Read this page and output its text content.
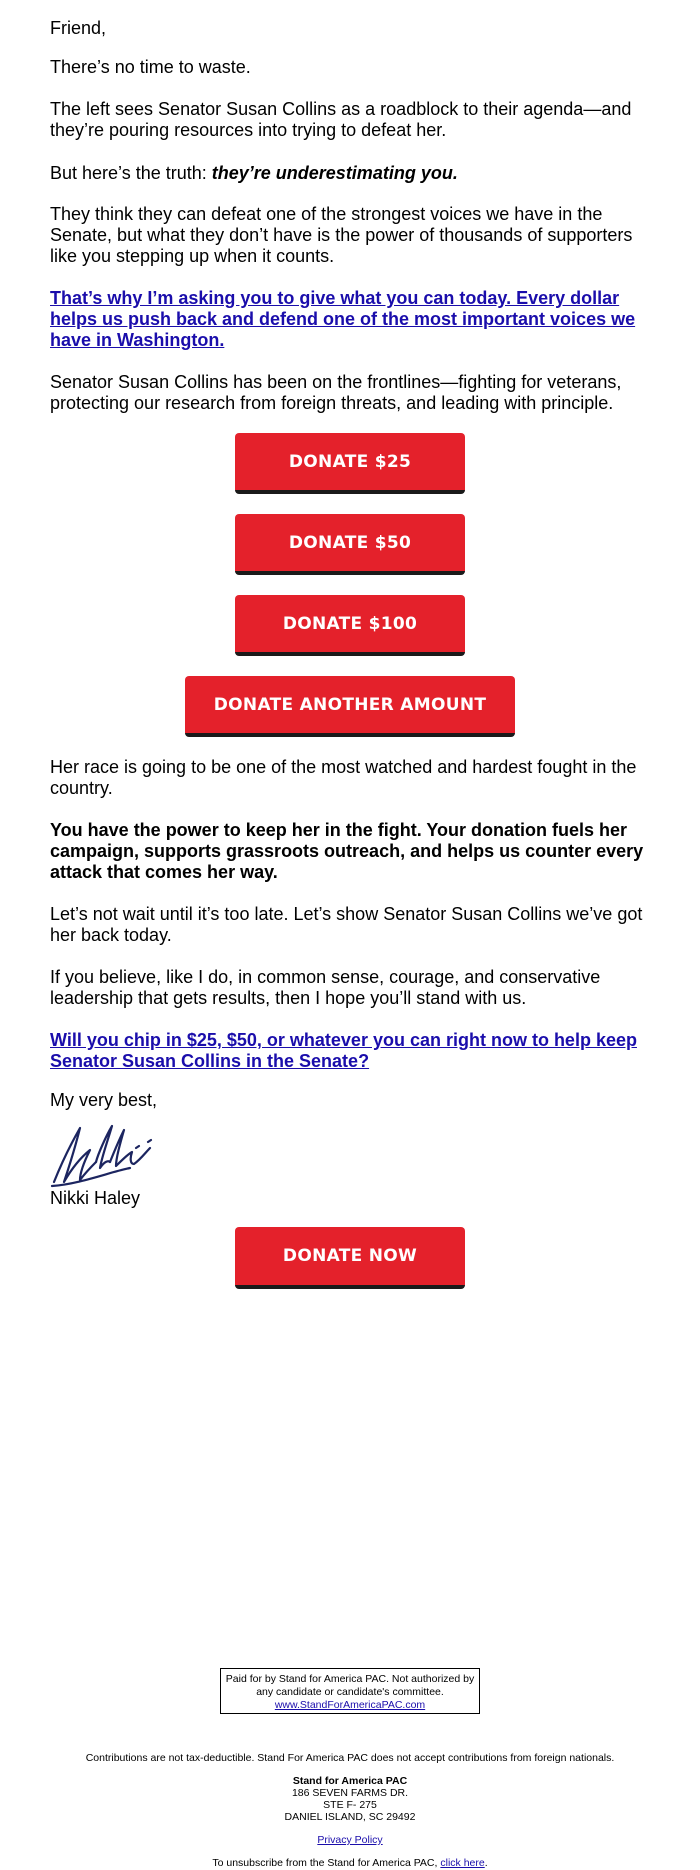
Friend,

There’s no time to waste.

The left sees Senator Susan Collins as a roadblock to their agenda—and they’re pouring resources into trying to defeat her.

But here’s the truth: they’re underestimating you.

They think they can defeat one of the strongest voices we have in the Senate, but what they don’t have is the power of thousands of supporters like you stepping up when it counts.

That’s why I’m asking you to give what you can today. Every dollar helps us push back and defend one of the most important voices we have in Washington.

Senator Susan Collins has been on the frontlines—fighting for veterans, protecting our research from foreign threats, and leading with principle.

DONATE $25
DONATE $50
DONATE $100
DONATE ANOTHER AMOUNT

Her race is going to be one of the most watched and hardest fought in the country.

You have the power to keep her in the fight. Your donation fuels her campaign, supports grassroots outreach, and helps us counter every attack that comes her way.

Let’s not wait until it’s too late. Let’s show Senator Susan Collins we’ve got her back today.

If you believe, like I do, in common sense, courage, and conservative leadership that gets results, then I hope you’ll stand with us.

Will you chip in $25, $50, or whatever you can right now to help keep Senator Susan Collins in the Senate?

My very best,

Nikki Haley
DONATE NOW
Paid for by Stand for America PAC. Not authorized by any candidate or candidate's committee.
www.StandForAmericaPAC.com
Contributions are not tax-deductible. Stand For America PAC does not accept contributions from foreign nationals.
Stand for America PAC
186 SEVEN FARMS DR.
STE F- 275
DANIEL ISLAND, SC 29492
Privacy Policy
To unsubscribe from the Stand for America PAC, click here.
